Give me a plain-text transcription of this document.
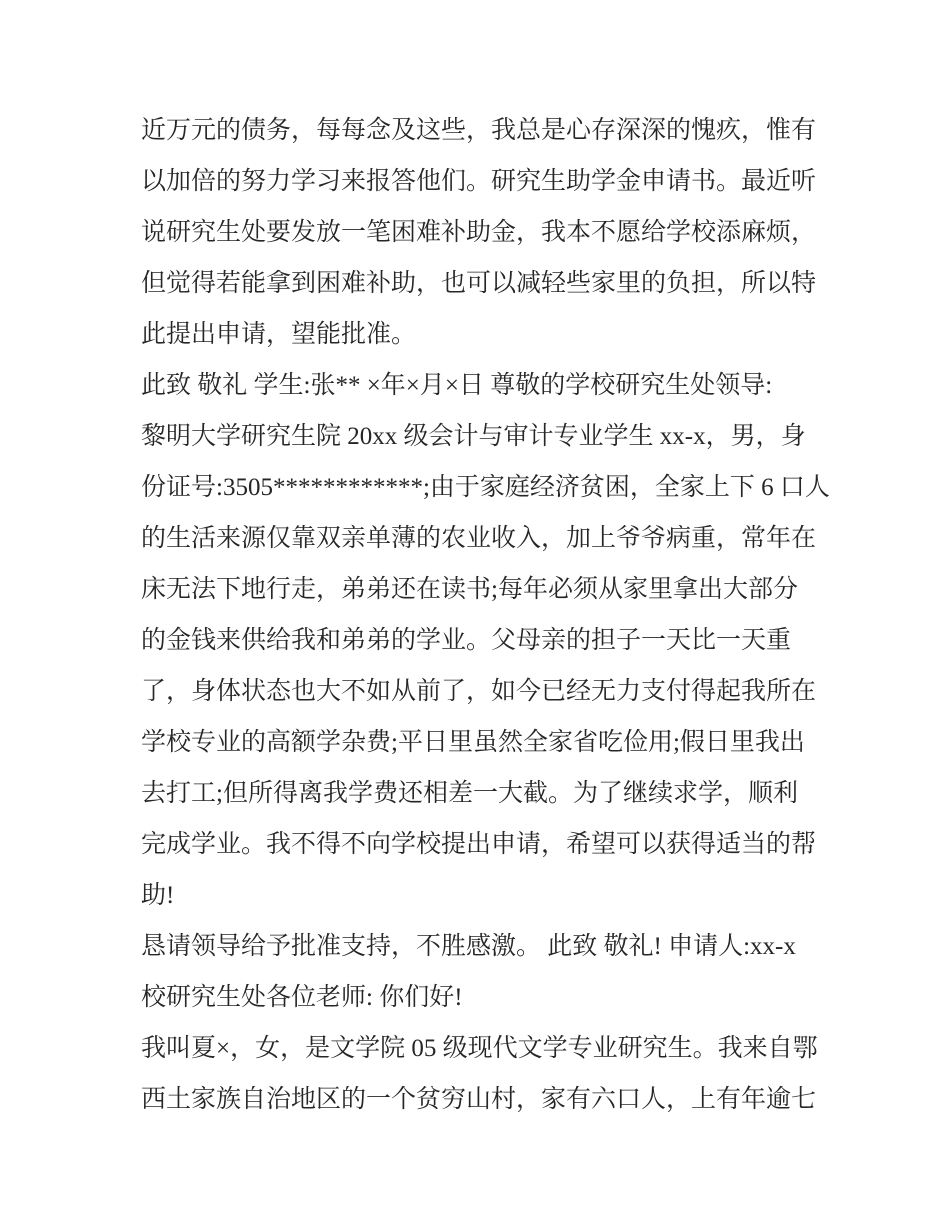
近万元的债务，每每念及这些，我总是心存深深的愧疚，惟有
以加倍的努力学习来报答他们。研究生助学金申请书。最近听
说研究生处要发放一笔困难补助金，我本不愿给学校添麻烦，
但觉得若能拿到困难补助，也可以减轻些家里的负担，所以特
此提出申请，望能批准。
此致 敬礼 学生:张** ×年×月×日 尊敬的学校研究生处领导:
黎明大学研究生院 20xx 级会计与审计专业学生 xx-x，男，身
份证号:3505************;由于家庭经济贫困，全家上下 6 口人
的生活来源仅靠双亲单薄的农业收入，加上爷爷病重，常年在
床无法下地行走，弟弟还在读书;每年必须从家里拿出大部分
的金钱来供给我和弟弟的学业。父母亲的担子一天比一天重
了，身体状态也大不如从前了，如今已经无力支付得起我所在
学校专业的高额学杂费;平日里虽然全家省吃俭用;假日里我出
去打工;但所得离我学费还相差一大截。为了继续求学，顺利
完成学业。我不得不向学校提出申请，希望可以获得适当的帮
助!
恳请领导给予批准支持，不胜感激。 此致 敬礼! 申请人:xx-x
校研究生处各位老师: 你们好!
我叫夏×，女，是文学院 05 级现代文学专业研究生。我来自鄂
西土家族自治地区的一个贫穷山村，家有六口人，上有年逾七
